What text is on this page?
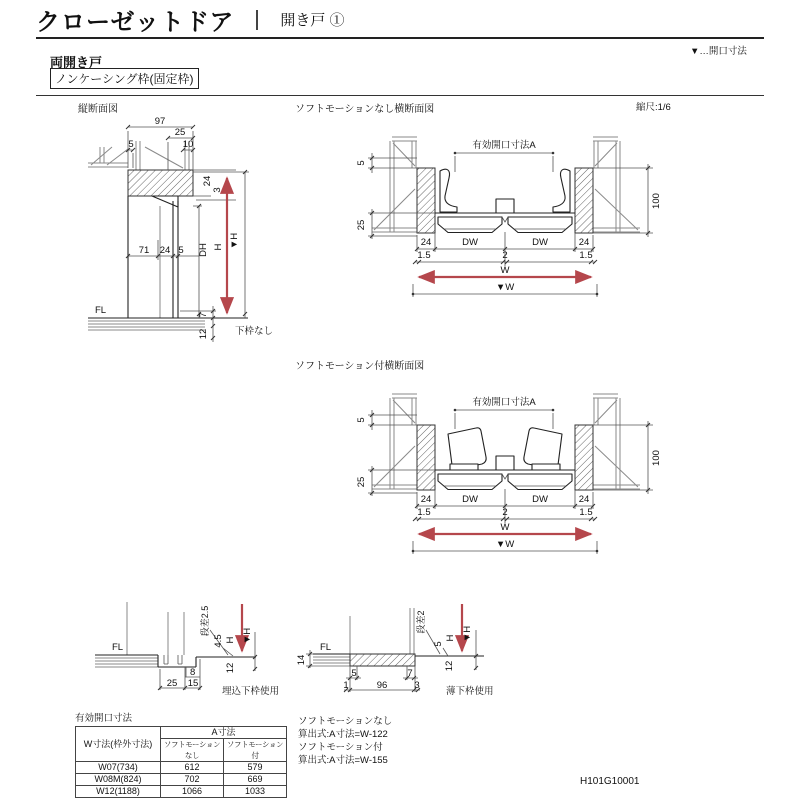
クローゼットドア	開き戸 ①
▼…開口寸法
両開き戸
ノンケーシング枠(固定枠)
縮尺:1/6
縦断面図	ソフトモーションなし横断面図
ソフトモーション付横断面図
97
25
5	10
24
3
71 24 5 DH H ▼H
FL	7
12	下枠なし
有効開口寸法A
5
25
100
24	DW	DW	24
1.5	2	1.5
W
▼W
有効開口寸法A
5
25
100
24	DW	DW	24
1.5	2	1.5
W
▼W
FL
段差2.5
4.5 H ▼H
12
8
25 15
埋込下枠使用
14
FL
段差2
5
H ▼H
12
5	7
1	96	3
薄下枠使用
有効開口寸法
W寸法(枠外寸法)	A寸法	
	ソフトモーションなし	ソフトモーション付
W07(734)	612	579
W08M(824)	702	669
W12(1188)	1066	1033
ソフトモーションなし
算出式:A寸法=W-122
ソフトモーション付
算出式:A寸法=W-155
H101G10001
